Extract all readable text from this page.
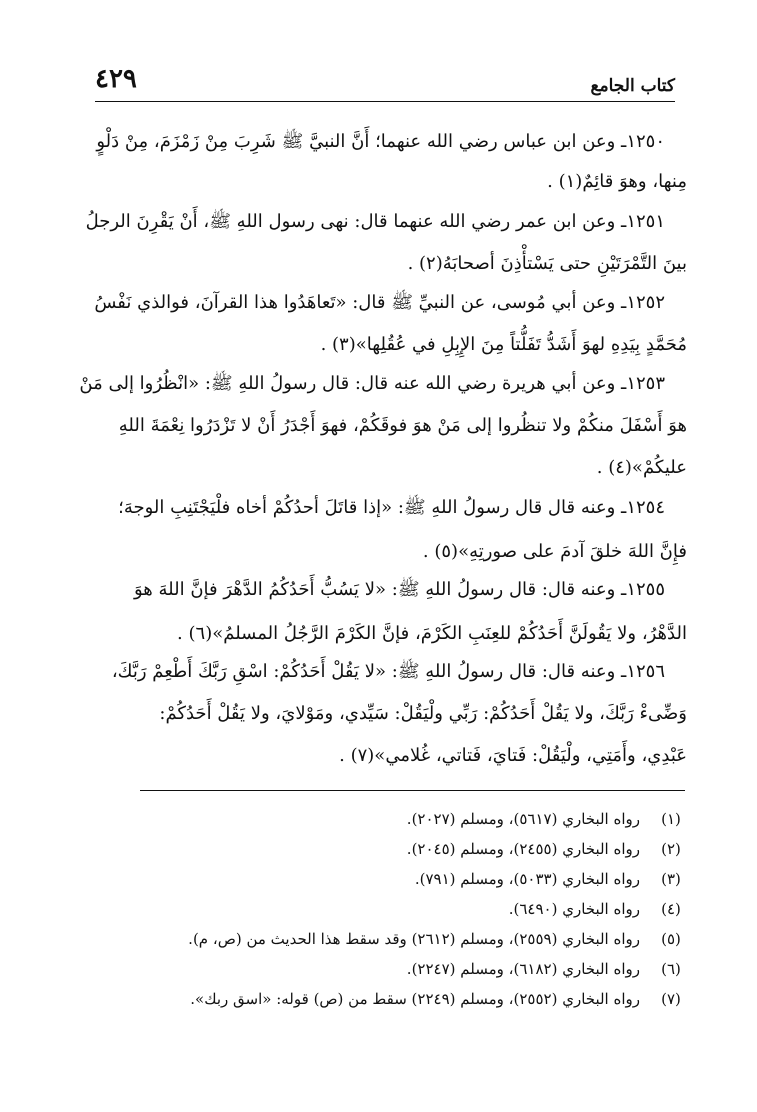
كتاب الجامع
٤٢٩
١٢٥٠ـ وعن ابن عباس رضي الله عنهما؛ أَنَّ النبيَّ ﷺ شَرِبَ مِنْ زَمْزَمَ، مِنْ دَلْوٍ
مِنها، وهوَ قائِمٌ(١) .
١٢٥١ـ وعن ابن عمر رضي الله عنهما قال: نهى رسول اللهِ ﷺ، أَنْ يَقْرِنَ الرجلُ
بينَ التَّمْرَتَيْنِ حتى يَسْتأْذِنَ أصحابَهُ(٢) .
١٢٥٢ـ وعن أبي مُوسى، عن النبيِّ ﷺ قال: «تَعاهَدُوا هذا القرآنَ، فوالذي نَفْسُ
مُحَمَّدٍ بِيَدِهِ لهوَ أَشَدُّ تَفَلُّتاً مِنَ الإِبِلِ في عُقُلِها»(٣) .
١٢٥٣ـ وعن أبي هريرة رضي الله عنه قال: قال رسولُ اللهِ ﷺ: «انْظُرُوا إلى مَنْ
هوَ أَسْفَلَ منكُمْ ولا تنظُروا إلى مَنْ هوَ فوقَكُمْ، فهوَ أَجْدَرُ أَنْ لا تَزْدَرُوا نِعْمَةَ اللهِ
عليكُمْ»(٤) .
١٢٥٤ـ وعنه قال قال رسولُ اللهِ ﷺ: «إذا قاتَلَ أحدُكُمْ أخاه فلْيَجْتَنِبِ الوجهَ؛
فإِنَّ اللهَ خلقَ آدمَ على صورتِهِ»(٥) .
١٢٥٥ـ وعنه قال: قال رسولُ اللهِ ﷺ: «لا يَسُبُّ أَحَدُكُمُ الدَّهْرَ فإنَّ اللهَ هوَ
الدَّهْرُ، ولا يَقُولَنَّ أَحَدُكُمْ للعِنَبِ الكَرْمَ، فإنَّ الكَرْمَ الرَّجُلُ المسلمُ»(٦) .
١٢٥٦ـ وعنه قال: قال رسولُ اللهِ ﷺ: «لا يَقُلْ أَحَدُكُمْ: اسْقِ رَبَّكَ أَطْعِمْ رَبَّكَ،
وَضِّىءْ رَبَّكَ، ولا يَقُلْ أَحَدُكُمْ: رَبِّي ولْيَقُلْ: سَيِّدي، ومَوْلايَ، ولا يَقُلْ أَحَدُكُمْ:
عَبْدِي، وأَمَتِي، ولْيَقُلْ: فَتايَ، فَتاتي، غُلامي»(٧) .
(١)
رواه البخاري (٥٦١٧)، ومسلم (٢٠٢٧).
(٢)
رواه البخاري (٢٤٥٥)، ومسلم (٢٠٤٥).
(٣)
رواه البخاري (٥٠٣٣)، ومسلم (٧٩١).
(٤)
رواه البخاري (٦٤٩٠).
(٥)
رواه البخاري (٢٥٥٩)، ومسلم (٢٦١٢) وقد سقط هذا الحديث من (ص، م).
(٦)
رواه البخاري (٦١٨٢)، ومسلم (٢٢٤٧).
(٧)
رواه البخاري (٢٥٥٢)، ومسلم (٢٢٤٩) سقط من (ص) قوله: «اسق ربك».
